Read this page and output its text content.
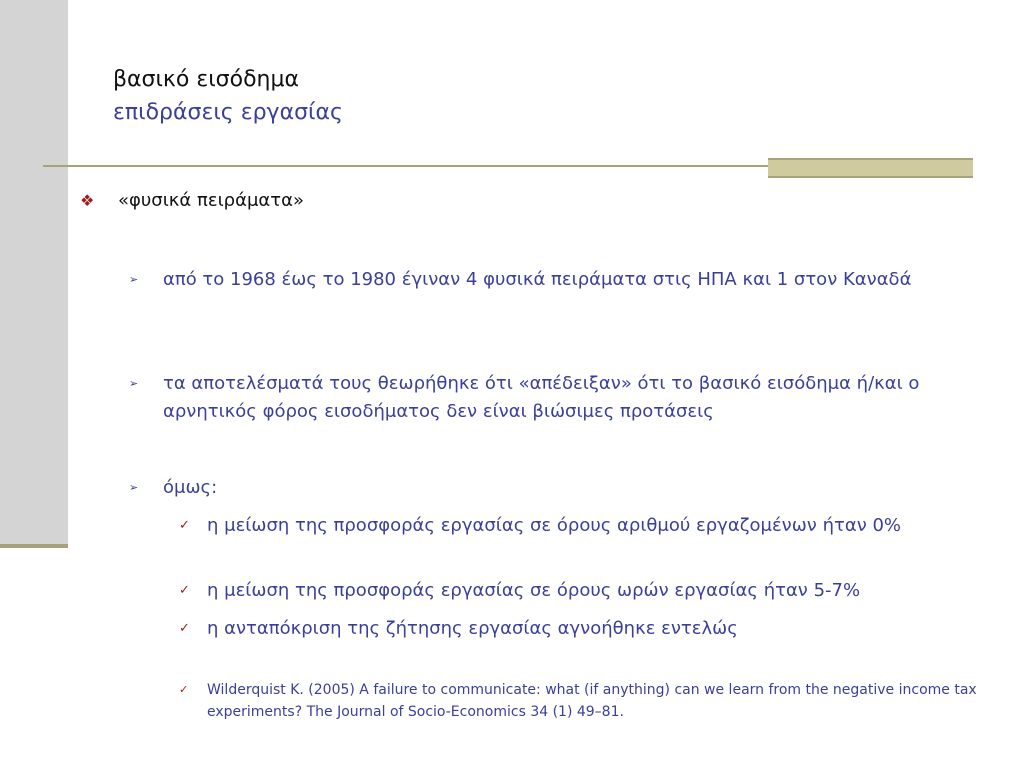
βασικό εισόδημα
επιδράσεις εργασίας
❖ «φυσικά πειράματα»
➢ από το 1968 έως το 1980 έγιναν 4 φυσικά πειράματα στις ΗΠΑ και 1 στον Καναδά
➢ τα αποτελέσματά τους θεωρήθηκε ότι «απέδειξαν» ότι το βασικό εισόδημα ή/και ο αρνητικός φόρος εισοδήματος δεν είναι βιώσιμες προτάσεις
➢ όμως:
✓ η μείωση της προσφοράς εργασίας σε όρους αριθμού εργαζομένων ήταν 0%
✓ η μείωση της προσφοράς εργασίας σε όρους ωρών εργασίας ήταν 5-7%
✓ η ανταπόκριση της ζήτησης εργασίας αγνοήθηκε εντελώς
✓ Wilderquist K. (2005) A failure to communicate: what (if anything) can we learn from the negative income tax experiments? The Journal of Socio-Economics 34 (1) 49–81.
